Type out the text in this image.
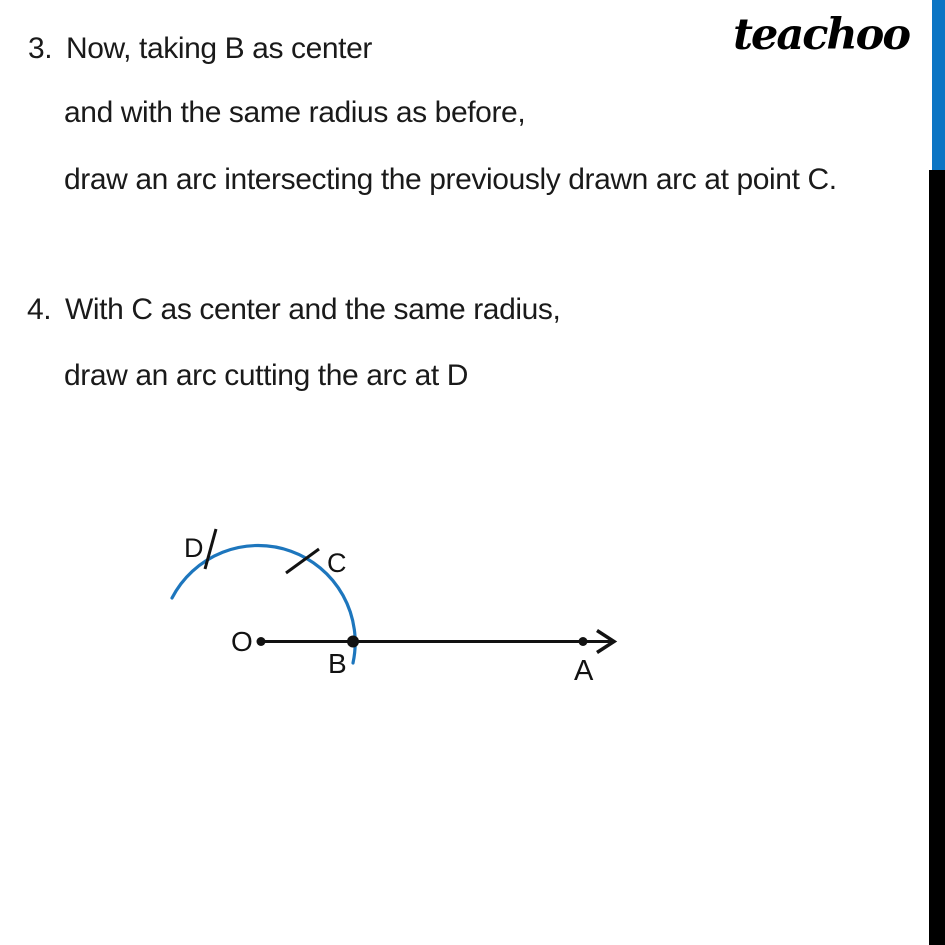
teachoo
3. Now, taking B as center
and with the same radius as before,
draw an arc intersecting the previously drawn arc at point C.
4. With C as center and the same radius,
draw an arc cutting the arc at D
D	C
O
B	A
